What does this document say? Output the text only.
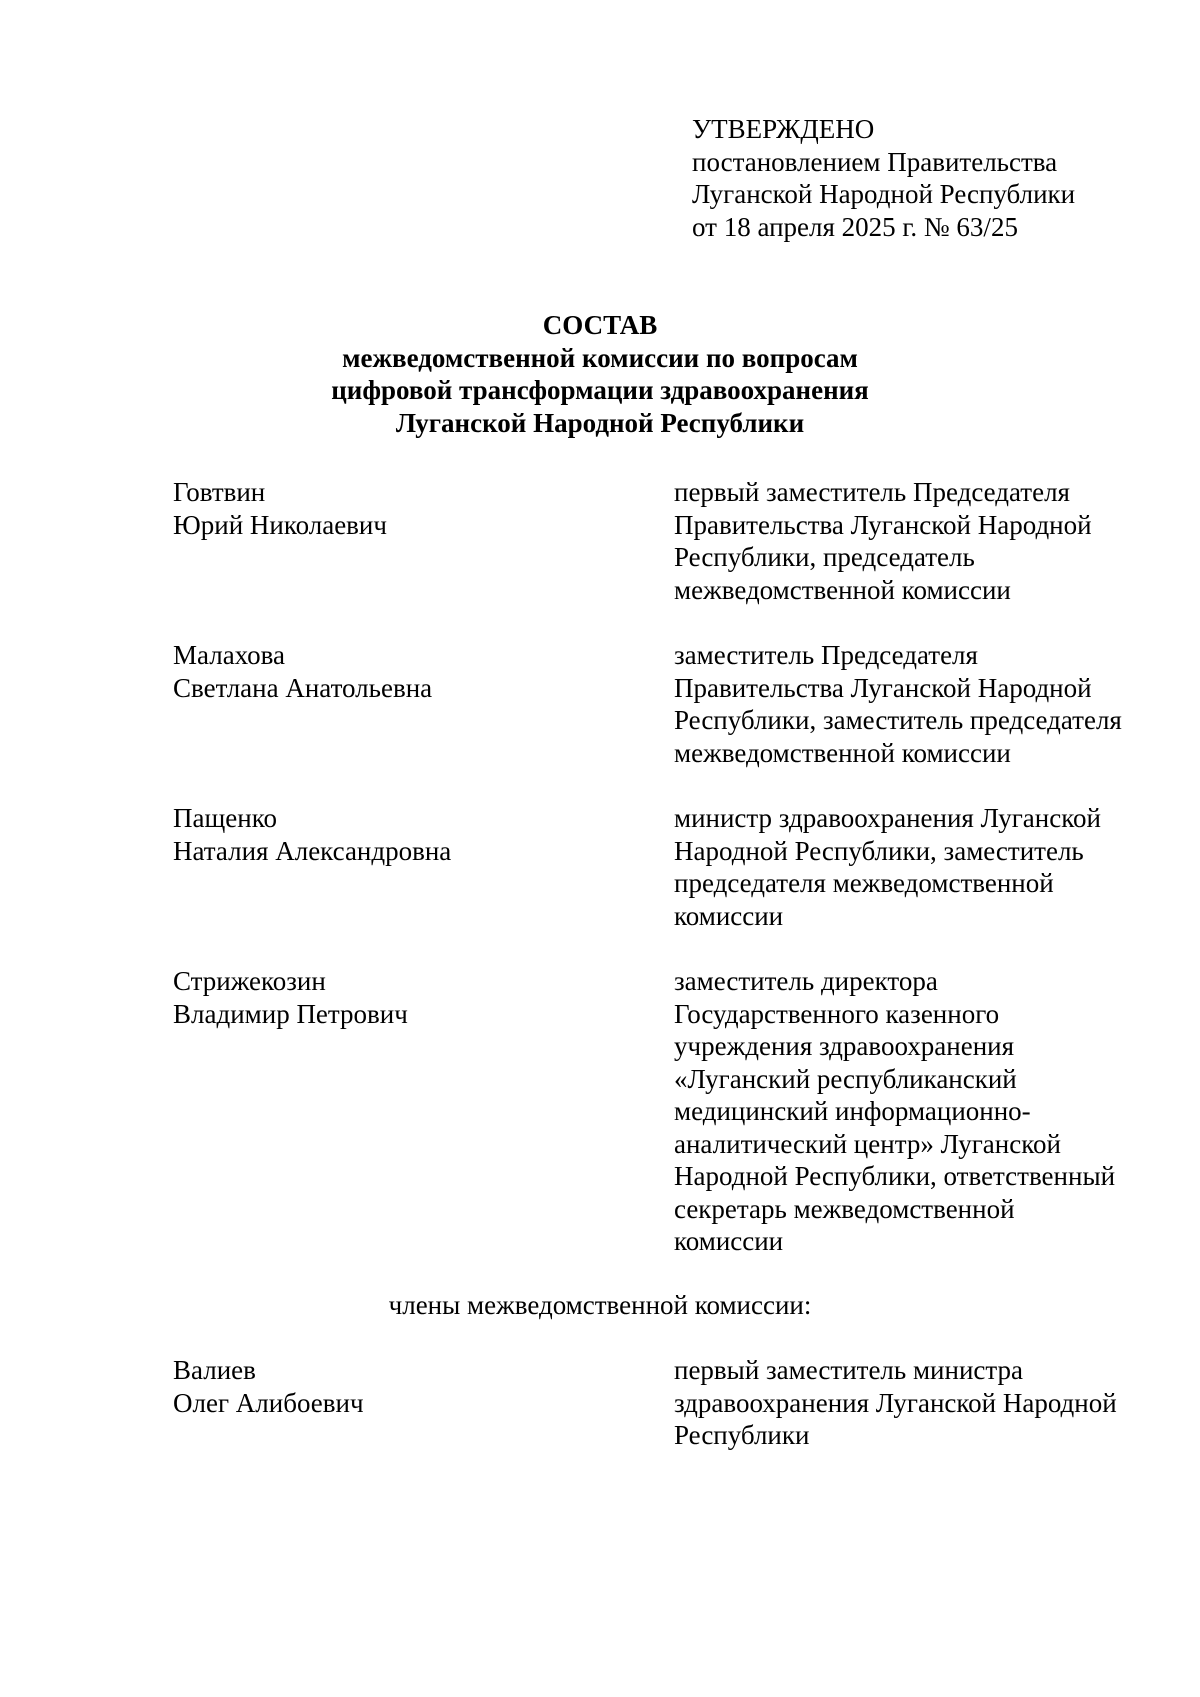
УТВЕРЖДЕНО
постановлением Правительства
Луганской Народной Республики
от 18 апреля 2025 г. № 63/25
СОСТАВ
межведомственной комиссии по вопросам
цифровой трансформации здравоохранения
Луганской Народной Республики
Говтвин
Юрий Николаевич
первый заместитель Председателя
Правительства Луганской Народной
Республики, председатель
межведомственной комиссии
Малахова
Светлана Анатольевна
заместитель Председателя
Правительства Луганской Народной
Республики, заместитель председателя
межведомственной комиссии
Пащенко
Наталия Александровна
министр здравоохранения Луганской
Народной Республики, заместитель
председателя межведомственной
комиссии
Стрижекозин
Владимир Петрович
заместитель директора
Государственного казенного
учреждения здравоохранения
«Луганский республиканский
медицинский информационно-
аналитический центр» Луганской
Народной Республики, ответственный
секретарь межведомственной
комиссии
члены межведомственной комиссии:
Валиев
Олег Алибоевич
первый заместитель министра
здравоохранения Луганской Народной
Республики
